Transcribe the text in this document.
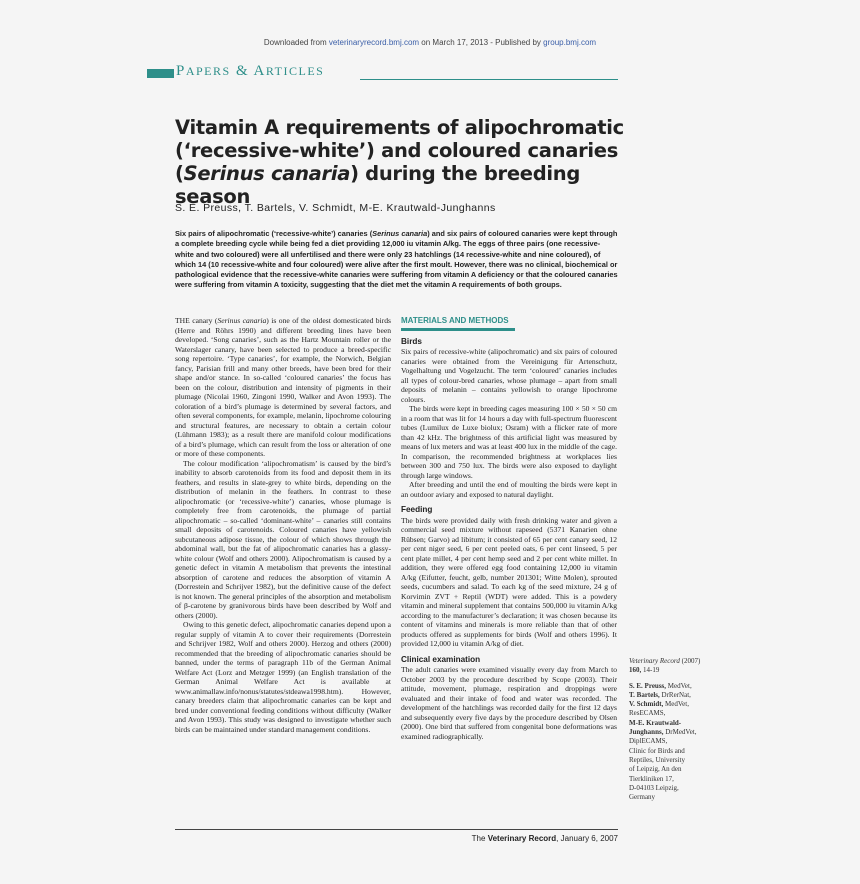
Downloaded from veterinaryrecord.bmj.com on March 17, 2013 - Published by group.bmj.com
PAPERS & ARTICLES
Vitamin A requirements of alipochromatic
(‘recessive-white’) and coloured canaries
(Serinus canaria) during the breeding season
S. E. Preuss, T. Bartels, V. Schmidt, M-E. Krautwald-Junghanns
Six pairs of alipochromatic (‘recessive-white’) canaries (Serinus canaria) and six pairs of coloured canaries were kept through a complete breeding cycle while being fed a diet providing 12,000 iu vitamin A/kg. The eggs of three pairs (one recessive-white and two coloured) were all unfertilised and there were only 23 hatchlings (14 recessive-white and nine coloured), of which 14 (10 recessive-white and four coloured) were alive after the first moult. However, there was no clinical, biochemical or pathological evidence that the recessive-white canaries were suffering from vitamin A deficiency or that the coloured canaries were suffering from vitamin A toxicity, suggesting that the diet met the vitamin A requirements of both groups.

THE canary (Serinus canaria) is one of the oldest domesticated birds (Herre and Röhrs 1990) and different breeding lines have been developed. ‘Song canaries’, such as the Hartz Mountain roller or the Waterslager canary, have been selected to produce a breed-specific song repertoire. ‘Type canaries’, for example, the Norwich, Belgian fancy, Parisian frill and many other breeds, have been bred for their shape and/or stance. In so-called ‘coloured canaries’ the focus has been on the colour, distribution and intensity of pigments in their plumage (Nicolai 1960, Zingoni 1990, Walker and Avon 1993). The coloration of a bird’s plumage is determined by several factors, and often several components, for example, melanin, lipochrome colouring and structural features, are necessary to obtain a certain colour (Lühmann 1983); as a result there are manifold colour modifications of a bird’s plumage, which can result from the loss or alteration of one or more of these components.

The colour modification ‘alipochromatism’ is caused by the bird’s inability to absorb carotenoids from its food and deposit them in its feathers, and results in slate-grey to white birds, depending on the distribution of melanin in the feathers. In contrast to these alipochromatic (or ‘recessive-white’) canaries, whose plumage is completely free from carotenoids, the plumage of partial alipochromatic – so-called ‘dominant-white’ – canaries still contains small deposits of carotenoids. Coloured canaries have yellowish subcutaneous adipose tissue, the colour of which shows through the abdominal wall, but the fat of alipochromatic canaries has a glassy-white colour (Wolf and others 2000). Alipochromatism is caused by a genetic defect in vitamin A metabolism that prevents the intestinal absorption of carotene and reduces the absorption of vitamin A (Dorrestein and Schrijver 1982), but the definitive cause of the defect is not known. The general principles of the absorption and metabolism of β-carotene by granivorous birds have been described by Wolf and others (2000).

Owing to this genetic defect, alipochromatic canaries depend upon a regular supply of vitamin A to cover their requirements (Dorrestein and Schrijver 1982, Wolf and others 2000). Herzog and others (2000) recommended that the breeding of alipochromatic canaries should be banned, under the terms of paragraph 11b of the German Animal Welfare Act (Lorz and Metzger 1999) (an English translation of the German Animal Welfare Act is available at www.animallaw.info/nonus/statutes/stdeawa1998.htm). However, canary breeders claim that alipochromatic canaries can be kept and bred under conventional feeding conditions without difficulty (Walker and Avon 1993). This study was designed to investigate whether such birds can be maintained under standard management conditions.

MATERIALS AND METHODS
Birds

Six pairs of recessive-white (alipochromatic) and six pairs of coloured canaries were obtained from the Vereinigung für Artenschutz, Vogelhaltung und Vogelzucht. The term ‘coloured’ canaries includes all types of colour-bred canaries, whose plumage – apart from small deposits of melanin – contains yellowish to orange lipochrome colours.

The birds were kept in breeding cages measuring 100 × 50 × 50 cm in a room that was lit for 14 hours a day with full-spectrum fluorescent tubes (Lumilux de Luxe biolux; Osram) with a flicker rate of more than 42 kHz. The brightness of this artificial light was measured by means of lux meters and was at least 400 lux in the middle of the cage. In comparison, the recommended brightness at workplaces lies between 300 and 750 lux. The birds were also exposed to daylight through large windows.

After breeding and until the end of moulting the birds were kept in an outdoor aviary and exposed to natural daylight.

Feeding

The birds were provided daily with fresh drinking water and given a commercial seed mixture without rapeseed (5371 Kanarien ohne Rübsen; Garvo) ad libitum; it consisted of 65 per cent canary seed, 12 per cent niger seed, 6 per cent peeled oats, 6 per cent linseed, 5 per cent plate millet, 4 per cent hemp seed and 2 per cent white millet. In addition, they were offered egg food containing 12,000 iu vitamin A/kg (Eifutter, feucht, gelb, number 201301; Witte Molen), sprouted seeds, cucumbers and salad. To each kg of the seed mixture, 24 g of Korvimin ZVT + Reptil (WDT) were added. This is a powdery vitamin and mineral supplement that contains 500,000 iu vitamin A/kg according to the manufacturer’s declaration; it was chosen because its content of vitamins and minerals is more reliable than that of other products offered as supplements for birds (Wolf and others 1996). It provided 12,000 iu vitamin A/kg of diet.

Clinical examination

The adult canaries were examined visually every day from March to October 2003 by the procedure described by Scope (2003). Their attitude, movement, plumage, respiration and droppings were evaluated and their intake of food and water was recorded. The development of the hatchlings was recorded daily for the first 12 days and subsequently every five days by the procedure described by Olsen (2000). One bird that suffered from congenital bone deformations was examined radiographically.

Veterinary Record (2007)
160, 14-19
S. E. Preuss, MedVet,
T. Bartels, DrRerNat,
V. Schmidt, MedVet,
ResECAMS,
M-E. Krautwald-Junghanns, DrMedVet,
DiplECAMS,
Clinic for Birds and
Reptiles, University
of Leipzig, An den
Tierkliniken 17,
D-04103 Leipzig,
Germany
The Veterinary Record, January 6, 2007
